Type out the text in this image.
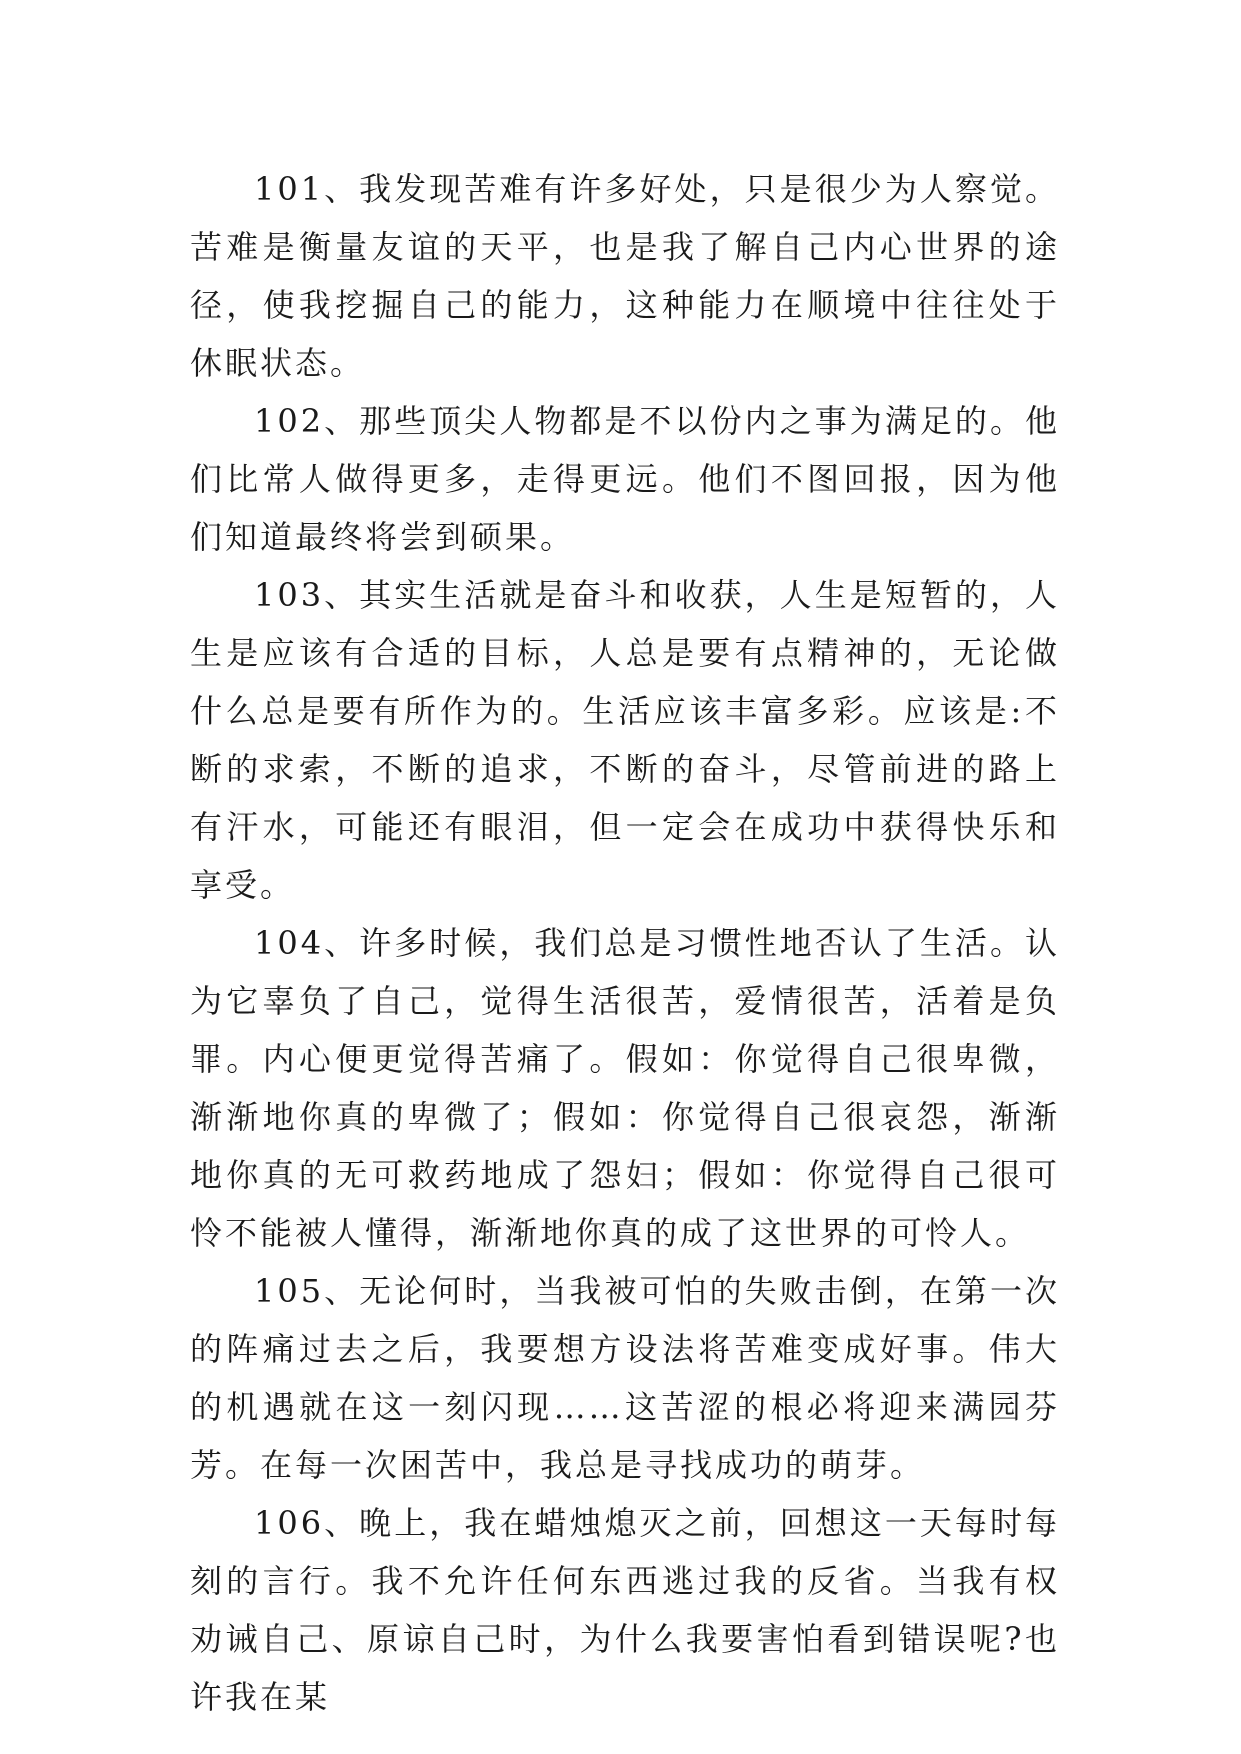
101、我发现苦难有许多好处，只是很少为人察觉。苦难是衡量友谊的天平，也是我了解自己内心世界的途径，使我挖掘自己的能力，这种能力在顺境中往往处于休眠状态。

102、那些顶尖人物都是不以份内之事为满足的。他们比常人做得更多，走得更远。他们不图回报，因为他们知道最终将尝到硕果。

103、其实生活就是奋斗和收获，人生是短暂的，人生是应该有合适的目标，人总是要有点精神的，无论做什么总是要有所作为的。生活应该丰富多彩。应该是:不断的求索，不断的追求，不断的奋斗，尽管前进的路上有汗水，可能还有眼泪，但一定会在成功中获得快乐和享受。

104、许多时候，我们总是习惯性地否认了生活。认为它辜负了自己，觉得生活很苦，爱情很苦，活着是负罪。内心便更觉得苦痛了。假如：你觉得自己很卑微，渐渐地你真的卑微了；假如：你觉得自己很哀怨，渐渐地你真的无可救药地成了怨妇；假如：你觉得自己很可怜不能被人懂得，渐渐地你真的成了这世界的可怜人。

105、无论何时，当我被可怕的失败击倒，在第一次的阵痛过去之后，我要想方设法将苦难变成好事。伟大的机遇就在这一刻闪现……这苦涩的根必将迎来满园芬芳。在每一次困苦中，我总是寻找成功的萌芽。

106、晚上，我在蜡烛熄灭之前，回想这一天每时每刻的言行。我不允许任何东西逃过我的反省。当我有权劝诫自己、原谅自己时，为什么我要害怕看到错误呢?也许我在某
